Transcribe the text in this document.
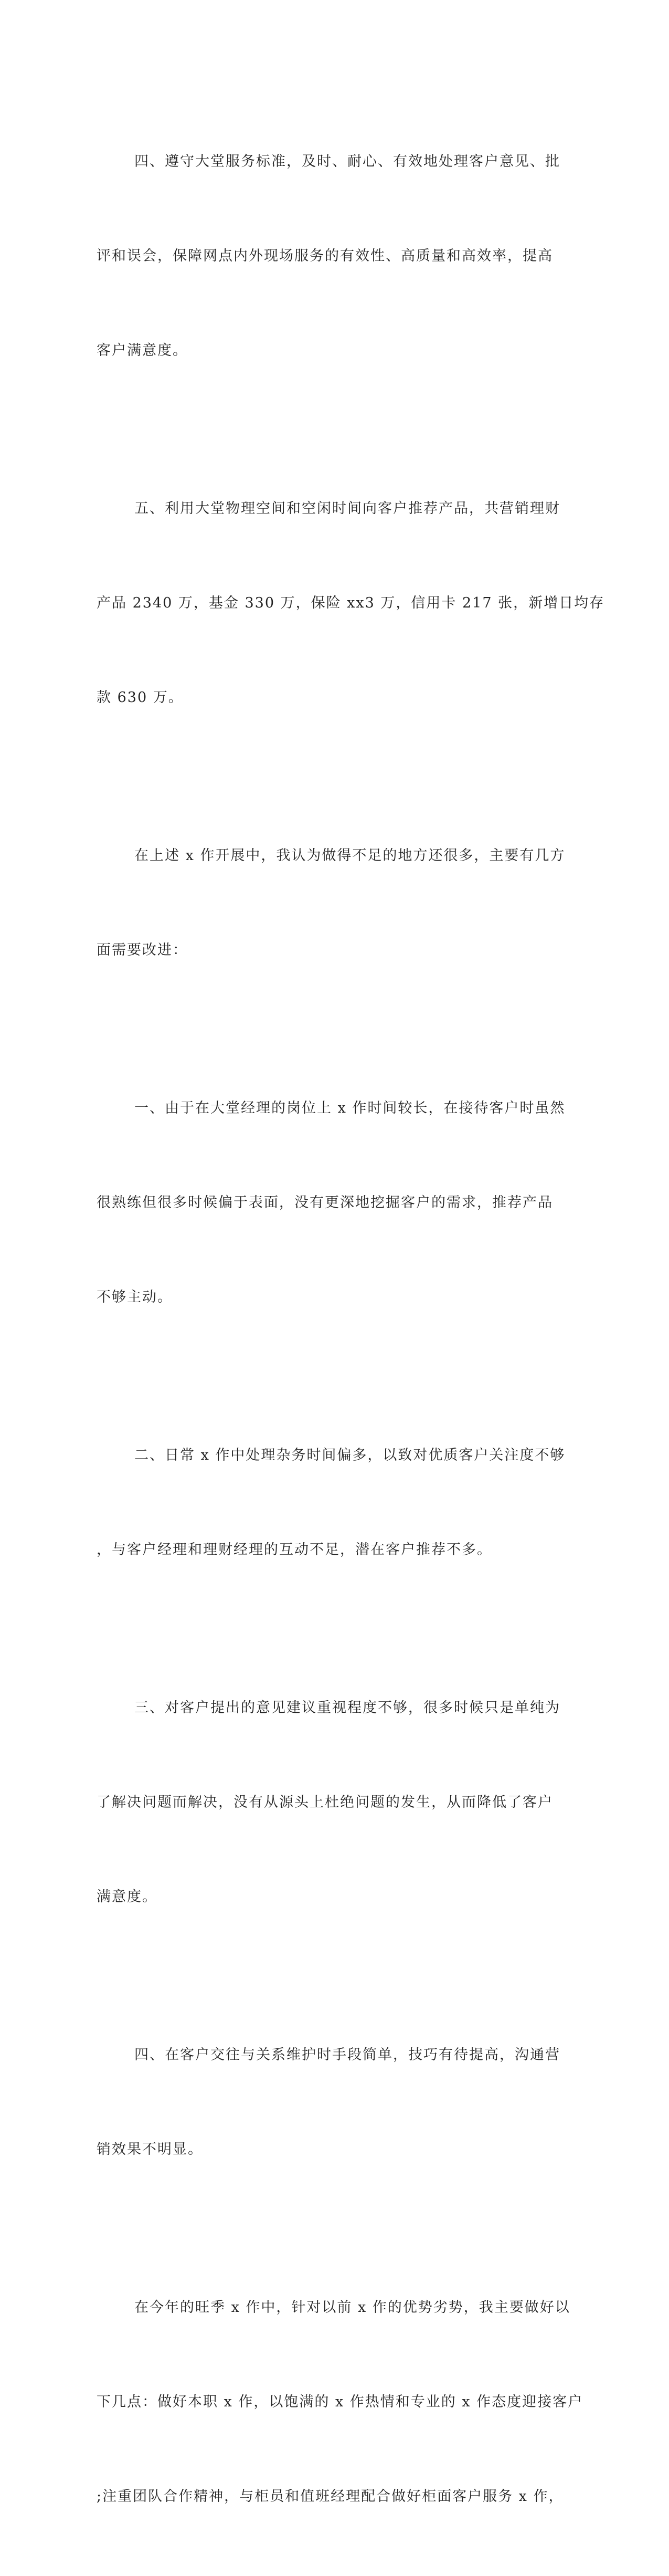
四、遵守大堂服务标准，及时、耐心、有效地处理客户意见、批

评和误会，保障网点内外现场服务的有效性、高质量和高效率，提高

客户满意度。

五、利用大堂物理空间和空闲时间向客户推荐产品，共营销理财

产品 2340 万，基金 330 万，保险 xx3 万，信用卡 217 张，新增日均存

款 630 万。

在上述 x 作开展中，我认为做得不足的地方还很多，主要有几方

面需要改进：

一、由于在大堂经理的岗位上 x 作时间较长，在接待客户时虽然

很熟练但很多时候偏于表面，没有更深地挖掘客户的需求，推荐产品

不够主动。

二、日常 x 作中处理杂务时间偏多，以致对优质客户关注度不够

，与客户经理和理财经理的互动不足，潜在客户推荐不多。

三、对客户提出的意见建议重视程度不够，很多时候只是单纯为

了解决问题而解决，没有从源头上杜绝问题的发生，从而降低了客户

满意度。

四、在客户交往与关系维护时手段简单，技巧有待提高，沟通营

销效果不明显。

在今年的旺季 x 作中，针对以前 x 作的优势劣势，我主要做好以

下几点：做好本职 x 作，以饱满的 x 作热情和专业的 x 作态度迎接客户

;注重团队合作精神，与柜员和值班经理配合做好柜面客户服务 x 作，
